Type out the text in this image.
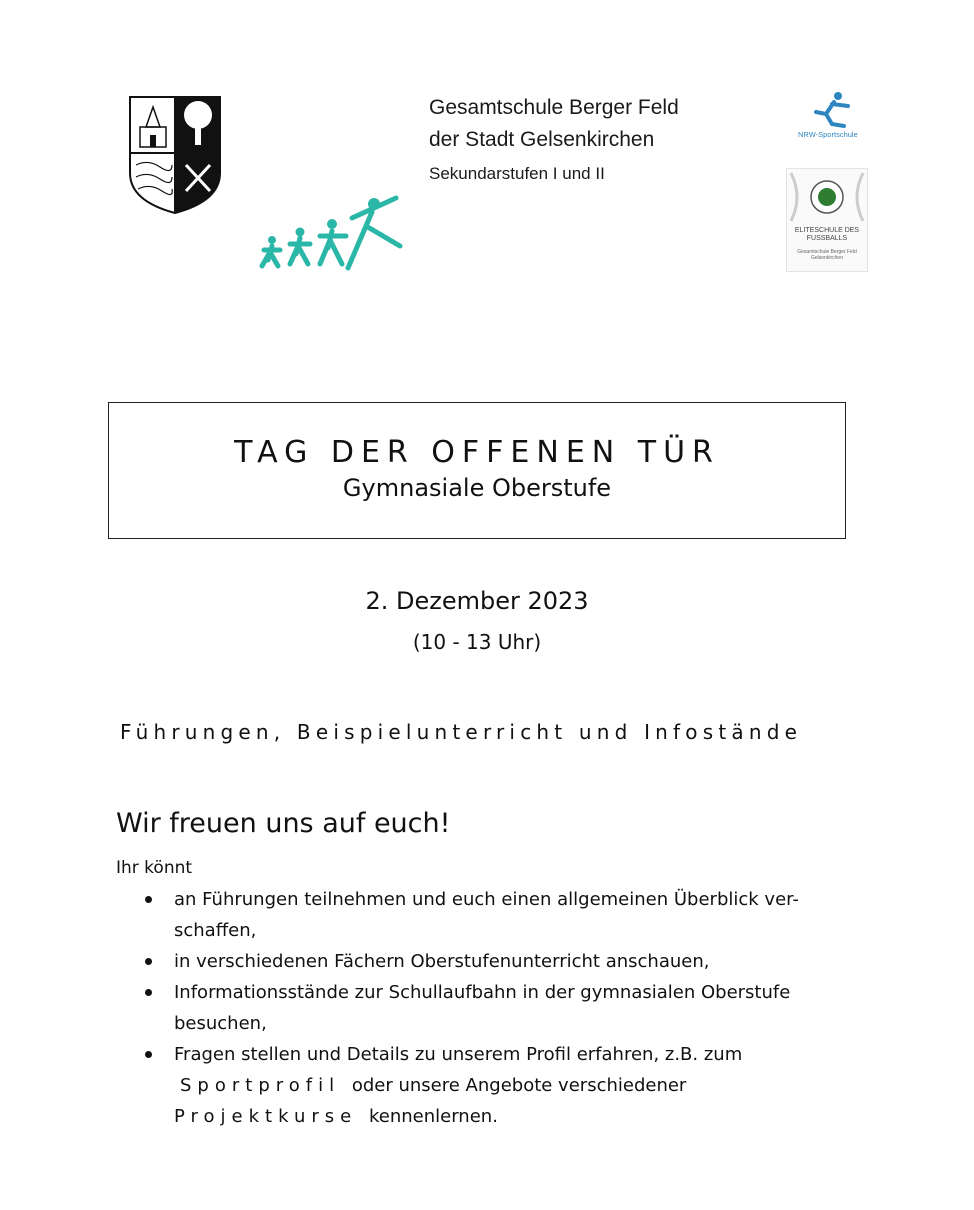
Gesamtschule Berger Feld
der Stadt Gelsenkirchen
Sekundarstufen I und II
NRW-Sportschule
ELITESCHULE DES FUSSBALLS
Gesamtschule Berger Feld Gelsenkirchen
TAG DER OFFENEN TÜR
Gymnasiale Oberstufe
2. Dezember 2023
(10 - 13 Uhr)
Führungen, Beispielunterricht und Infostände
Wir freuen uns auf euch!
Ihr könnt
an Führungen teilnehmen und euch einen allgemeinen Überblick ver-schaffen,
in verschiedenen Fächern Oberstufenunterricht anschauen,
Informationsstände zur Schullaufbahn in der gymnasialen Oberstufe besuchen,
Fragen stellen und Details zu unserem Profil erfahren, z.B. zum Sportprofil oder unsere Angebote verschiedener
Projektkurse kennenlernen.
